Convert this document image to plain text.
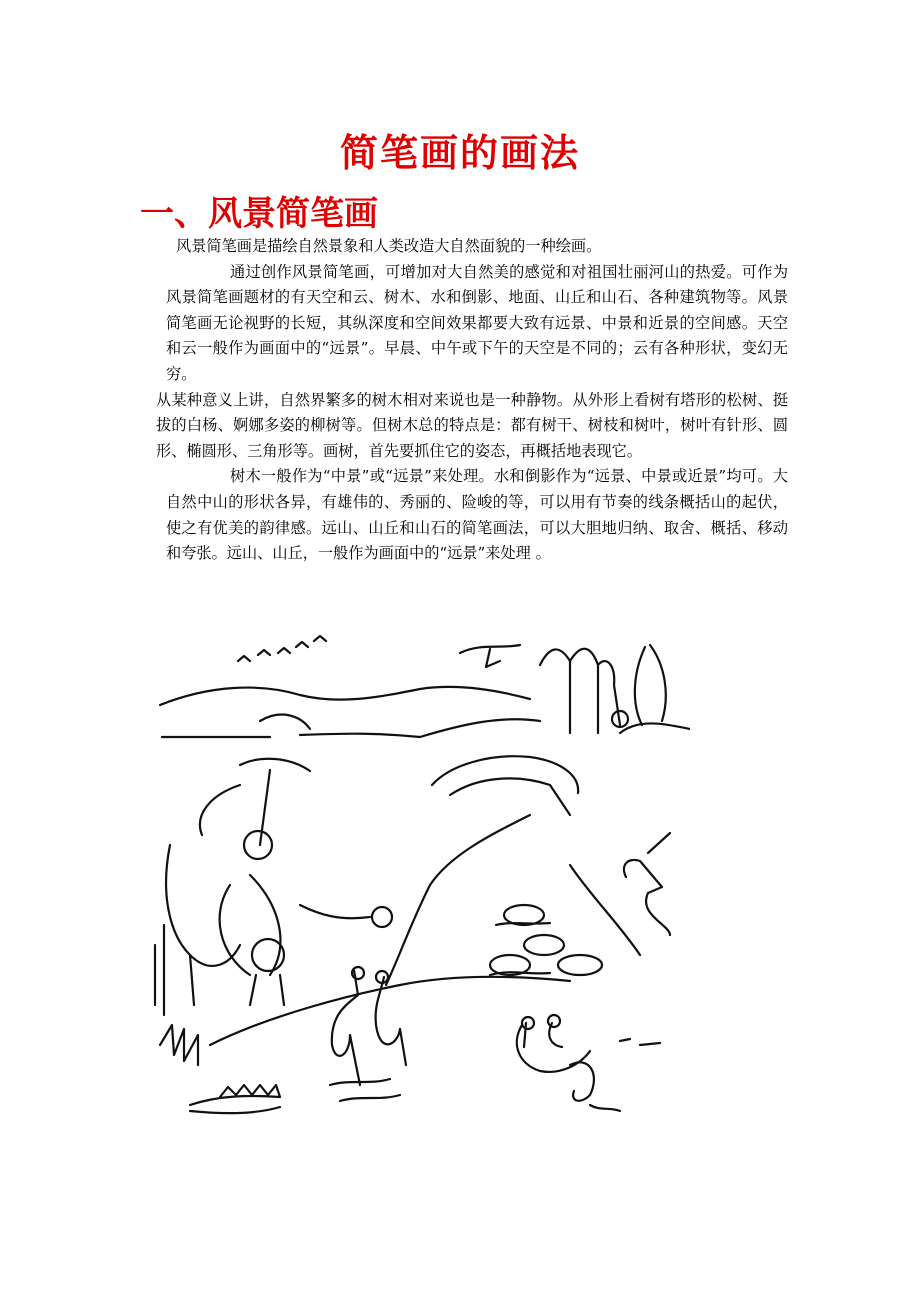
简笔画的画法
一、风景简笔画

风景简笔画是描绘自然景象和人类改造大自然面貌的一种绘画。

通过创作风景简笔画，可增加对大自然美的感觉和对祖国壮丽河山的热爱。可作为风景简笔画题材的有天空和云、树木、水和倒影、地面、山丘和山石、各种建筑物等。风景简笔画无论视野的长短，其纵深度和空间效果都要大致有远景、中景和近景的空间感。天空和云一般作为画面中的“远景”。早晨、中午或下午的天空是不同的；云有各种形状，变幻无穷。

从某种意义上讲，自然界繁多的树木相对来说也是一种静物。从外形上看树有塔形的松树、挺拔的白杨、婀娜多姿的柳树等。但树木总的特点是：都有树干、树枝和树叶，树叶有针形、圆形、椭圆形、三角形等。画树，首先要抓住它的姿态，再概括地表现它。

树木一般作为“中景”或“远景”来处理。水和倒影作为“远景、中景或近景”均可。大自然中山的形状各异，有雄伟的、秀丽的、险峻的等，可以用有节奏的线条概括山的起伏，使之有优美的韵律感。远山、山丘和山石的简笔画法，可以大胆地归纳、取舍、概括、移动和夸张。远山、山丘，一般作为画面中的“远景”来处理 。
